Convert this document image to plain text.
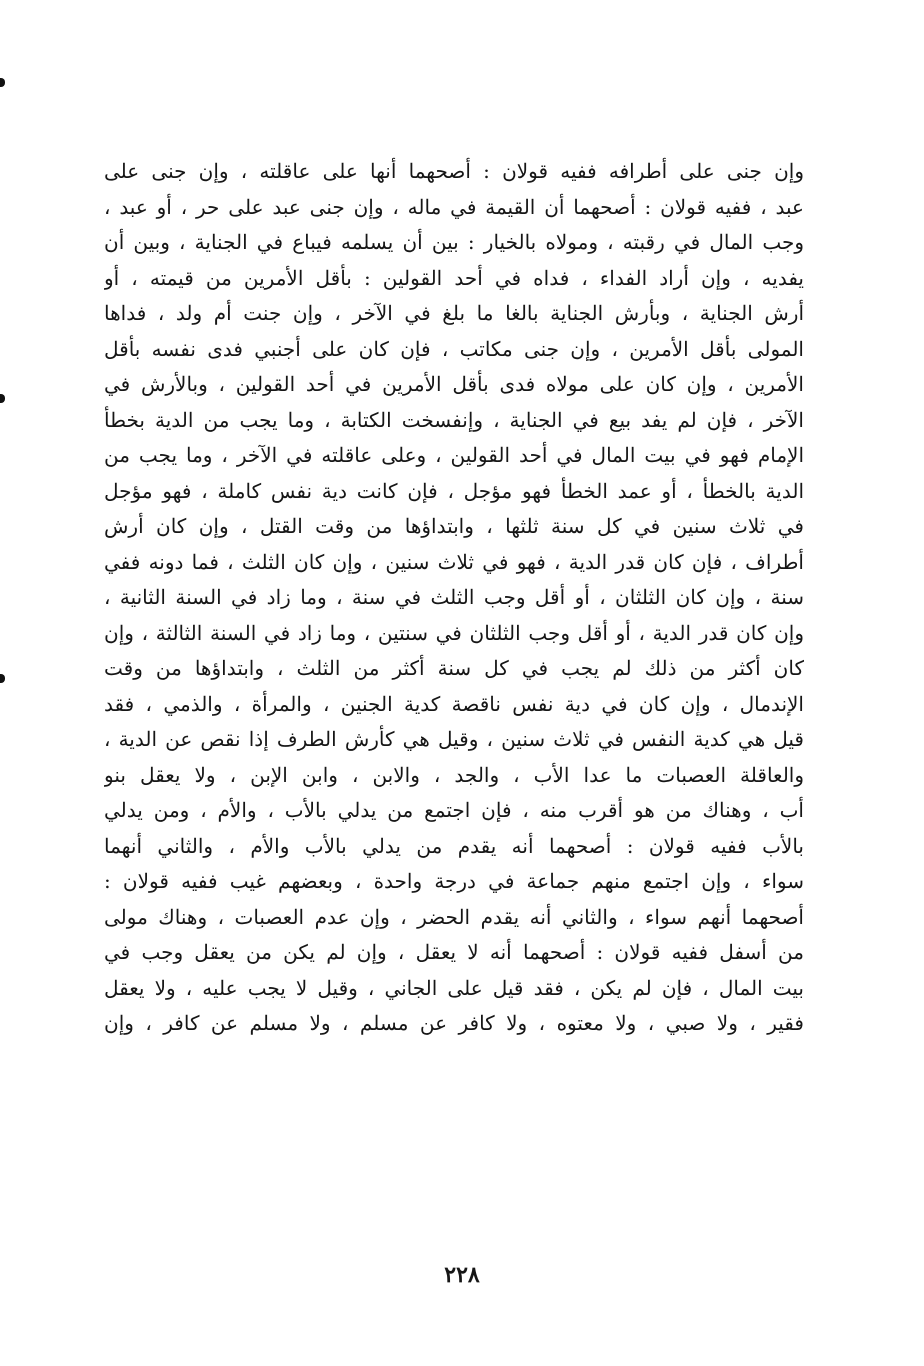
وإن جنى على أطرافه ففيه قولان : أصحهما أنها على عاقلته ، وإن جنى على
عبد ، ففيه قولان : أصحهما أن القيمة في ماله ، وإن جنى عبد على حر ، أو عبد ،
وجب المال في رقبته ، ومولاه بالخيار : بين أن يسلمه فيباع في الجناية ، وبين أن
يفديه ، وإن أراد الفداء ، فداه في أحد القولين : بأقل الأمرين من قيمته ، أو
أرش الجناية ، وبأرش الجناية بالغا ما بلغ في الآخر ، وإن جنت أم ولد ، فداها
المولى بأقل الأمرين ، وإن جنى مكاتب ، فإن كان على أجنبي فدى نفسه بأقل
الأمرين ، وإن كان على مولاه فدى بأقل الأمرين في أحد القولين ، وبالأرش في
الآخر ، فإن لم يفد بيع في الجناية ، وإنفسخت الكتابة ، وما يجب من الدية بخطأ
الإمام فهو في بيت المال في أحد القولين ، وعلى عاقلته في الآخر ، وما يجب من
الدية بالخطأ ، أو عمد الخطأ فهو مؤجل ، فإن كانت دية نفس كاملة ، فهو مؤجل
في ثلاث سنين في كل سنة ثلثها ، وابتداؤها من وقت القتل ، وإن كان أرش
أطراف ، فإن كان قدر الدية ، فهو في ثلاث سنين ، وإن كان الثلث ، فما دونه ففي
سنة ، وإن كان الثلثان ، أو أقل وجب الثلث في سنة ، وما زاد في السنة الثانية ،
وإن كان قدر الدية ، أو أقل وجب الثلثان في سنتين ، وما زاد في السنة الثالثة ، وإن
كان أكثر من ذلك لم يجب في كل سنة أكثر من الثلث ، وابتداؤها من وقت
الإندمال ، وإن كان في دية نفس ناقصة كدية الجنين ، والمرأة ، والذمي ، فقد
قيل هي كدية النفس في ثلاث سنين ، وقيل هي كأرش الطرف إذا نقص عن الدية ،
والعاقلة العصبات ما عدا الأب ، والجد ، والابن ، وابن الإبن ، ولا يعقل بنو
أب ، وهناك من هو أقرب منه ، فإن اجتمع من يدلي بالأب ، والأم ، ومن يدلي
بالأب ففيه قولان : أصحهما أنه يقدم من يدلي بالأب والأم ، والثاني أنهما
سواء ، وإن اجتمع منهم جماعة في درجة واحدة ، وبعضهم غيب ففيه قولان :
أصحهما أنهم سواء ، والثاني أنه يقدم الحضر ، وإن عدم العصبات ، وهناك مولى
من أسفل ففيه قولان : أصحهما أنه لا يعقل ، وإن لم يكن من يعقل وجب في
بيت المال ، فإن لم يكن ، فقد قيل على الجاني ، وقيل لا يجب عليه ، ولا يعقل
فقير ، ولا صبي ، ولا معتوه ، ولا كافر عن مسلم ، ولا مسلم عن كافر ، وإن
٢٢٨
